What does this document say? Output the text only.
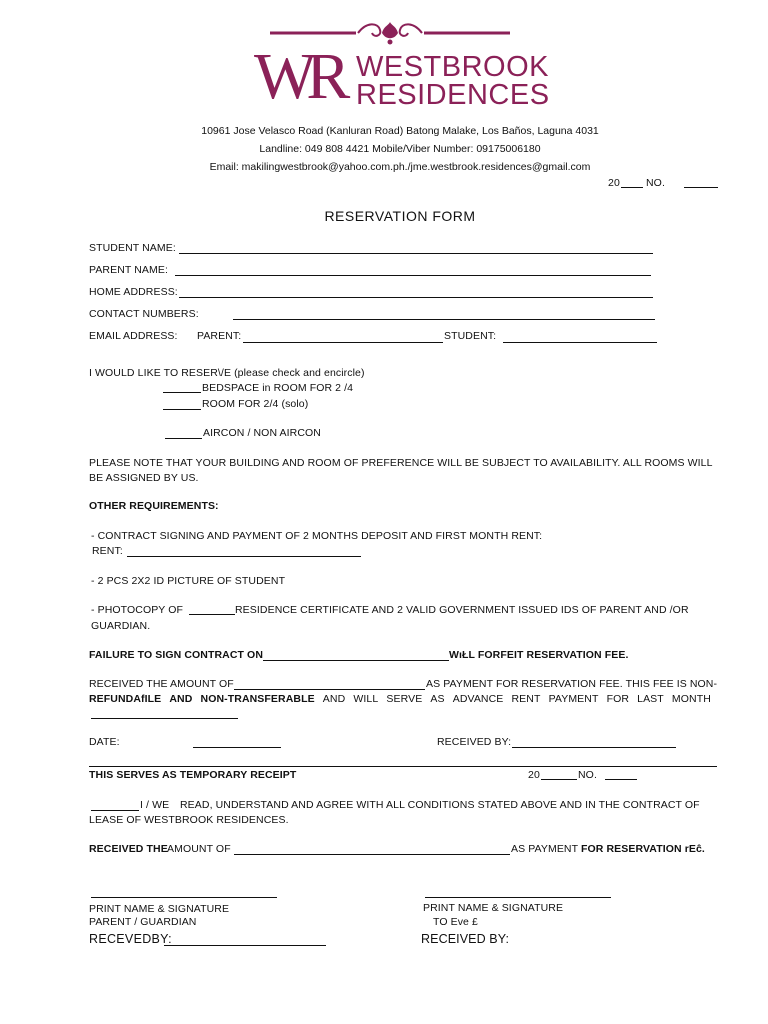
WR WESTBROOK
RESIDENCES
10961 Jose Velasco Road (Kanluran Road) Batong Malake, Los Baños, Laguna 4031
Landline: 049 808 4421 Mobile/Viber Number: 09175006180
Email: makilingwestbrook@yahoo.com.ph./jme.westbrook.residences@gmail.com
20 NO.
RESERVATION FORM
STUDENT NAME:
PARENT NAME:
HOME ADDRESS:
CONTACT NUMBERS:
EMAIL ADDRESS: PARENT:	STUDENT:
I WOULD LIKE TO RESER\/E (please check and encircle)
BEDSPACE in ROOM FOR 2 /4
ROOM FOR 2/4 (solo)
AIRCON / NON AIRCON
PLEASE NOTE THAT YOUR BUILDING AND ROOM OF PREFERENCE WILL BE SUBJECT TO AVAILABILITY. ALL ROOMS WILL
BE ASSIGNED BY US.
OTHER REQUIREMENTS:
- CONTRACT SIGNING AND PAYMENT OF 2 MONTHS DEPOSIT AND FIRST MONTH RENT:
RENT:
- 2 PCS 2X2 ID PICTURE OF STUDENT
- PHOTOCOPY OF	RESIDENCE CERTIFICATE AND 2 VALID GOVERNMENT ISSUED IDS OF PARENT AND /OR
GUARDIAN.
FAILURE TO SIGN CONTRACT ON	WıŁL FORFEIT RESERVATION FEE.
RECEIVED THE AMOUNT OF	AS PAYMENT FOR RESERVATION FEE. THIS FEE IS NON-
REFUNDAfILE AND NON-TRANSFERABLE AND WILL SERVE AS ADVANCE RENT PAYMENT FOR LAST MONTH
DATE:	RECEIVED BY:
THIS SERVES AS TEMPORARY RECEIPT	20	NO.
I / WE READ, UNDERSTAND AND AGREE WITH ALL CONDITIONS STATED ABOVE AND IN THE CONTRACT OF
LEASE OF WESTBROOK RESIDENCES.
RECEIVED THE AMOUNT OF	AS PAYMENT FOR RESERVATION rEĉ.
PRINT NAME & SIGNATURE
PARENT / GUARDIAN
RECEVEDBY:
PRINT NAME & SIGNATURE
TO Eve £
RECEIVED BY:
